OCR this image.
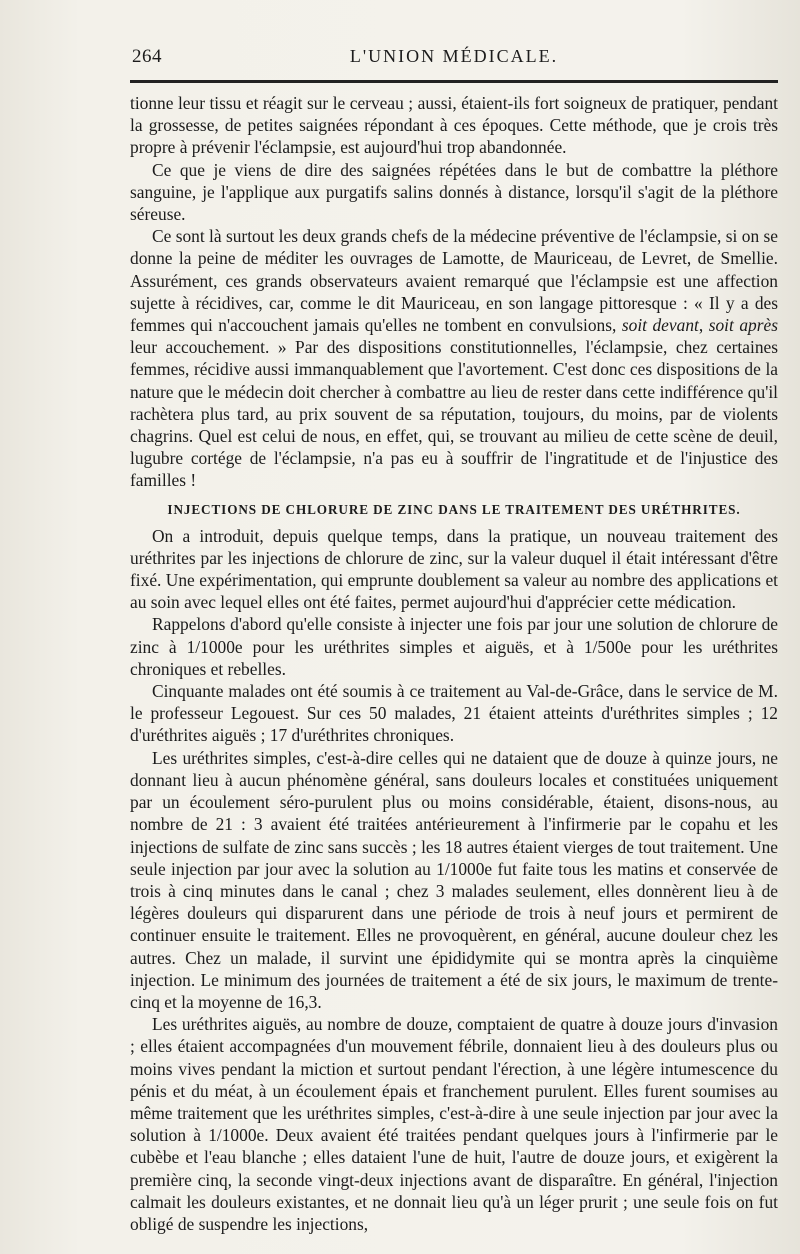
264	L'UNION MÉDICALE.

tionne leur tissu et réagit sur le cerveau ; aussi, étaient-ils fort soigneux de pratiquer, pendant la grossesse, de petites saignées répondant à ces époques. Cette méthode, que je crois très propre à prévenir l'éclampsie, est aujourd'hui trop abandonnée.

Ce que je viens de dire des saignées répétées dans le but de combattre la pléthore sanguine, je l'applique aux purgatifs salins donnés à distance, lorsqu'il s'agit de la pléthore séreuse.

Ce sont là surtout les deux grands chefs de la médecine préventive de l'éclampsie, si on se donne la peine de méditer les ouvrages de Lamotte, de Mauriceau, de Levret, de Smellie. Assurément, ces grands observateurs avaient remarqué que l'éclampsie est une affection sujette à récidives, car, comme le dit Mauriceau, en son langage pittoresque : « Il y a des femmes qui n'accouchent jamais qu'elles ne tombent en convulsions, soit devant, soit après leur accouchement. » Par des dispositions constitutionnelles, l'éclampsie, chez certaines femmes, récidive aussi immanquablement que l'avortement. C'est donc ces dispositions de la nature que le médecin doit chercher à combattre au lieu de rester dans cette indifférence qu'il rachètera plus tard, au prix souvent de sa réputation, toujours, du moins, par de violents chagrins. Quel est celui de nous, en effet, qui, se trouvant au milieu de cette scène de deuil, lugubre cortége de l'éclampsie, n'a pas eu à souffrir de l'ingratitude et de l'injustice des familles !

INJECTIONS DE CHLORURE DE ZINC DANS LE TRAITEMENT DES URÉTHRITES.

On a introduit, depuis quelque temps, dans la pratique, un nouveau traitement des uréthrites par les injections de chlorure de zinc, sur la valeur duquel il était intéressant d'être fixé. Une expérimentation, qui emprunte doublement sa valeur au nombre des applications et au soin avec lequel elles ont été faites, permet aujourd'hui d'apprécier cette médication.

Rappelons d'abord qu'elle consiste à injecter une fois par jour une solution de chlorure de zinc à 1/1000e pour les uréthrites simples et aiguës, et à 1/500e pour les uréthrites chroniques et rebelles.

Cinquante malades ont été soumis à ce traitement au Val-de-Grâce, dans le service de M. le professeur Legouest. Sur ces 50 malades, 21 étaient atteints d'uréthrites simples ; 12 d'uréthrites aiguës ; 17 d'uréthrites chroniques.

Les uréthrites simples, c'est-à-dire celles qui ne dataient que de douze à quinze jours, ne donnant lieu à aucun phénomène général, sans douleurs locales et constituées uniquement par un écoulement séro-purulent plus ou moins considérable, étaient, disons-nous, au nombre de 21 : 3 avaient été traitées antérieurement à l'infirmerie par le copahu et les injections de sulfate de zinc sans succès ; les 18 autres étaient vierges de tout traitement. Une seule injection par jour avec la solution au 1/1000e fut faite tous les matins et conservée de trois à cinq minutes dans le canal ; chez 3 malades seulement, elles donnèrent lieu à de légères douleurs qui disparurent dans une période de trois à neuf jours et permirent de continuer ensuite le traitement. Elles ne provoquèrent, en général, aucune douleur chez les autres. Chez un malade, il survint une épididymite qui se montra après la cinquième injection. Le minimum des journées de traitement a été de six jours, le maximum de trente-cinq et la moyenne de 16,3.

Les uréthrites aiguës, au nombre de douze, comptaient de quatre à douze jours d'invasion ; elles étaient accompagnées d'un mouvement fébrile, donnaient lieu à des douleurs plus ou moins vives pendant la miction et surtout pendant l'érection, à une légère intumescence du pénis et du méat, à un écoulement épais et franchement purulent. Elles furent soumises au même traitement que les uréthrites simples, c'est-à-dire à une seule injection par jour avec la solution à 1/1000e. Deux avaient été traitées pendant quelques jours à l'infirmerie par le cubèbe et l'eau blanche ; elles dataient l'une de huit, l'autre de douze jours, et exigèrent la première cinq, la seconde vingt-deux injections avant de disparaître. En général, l'injection calmait les douleurs existantes, et ne donnait lieu qu'à un léger prurit ; une seule fois on fut obligé de suspendre les injections,
